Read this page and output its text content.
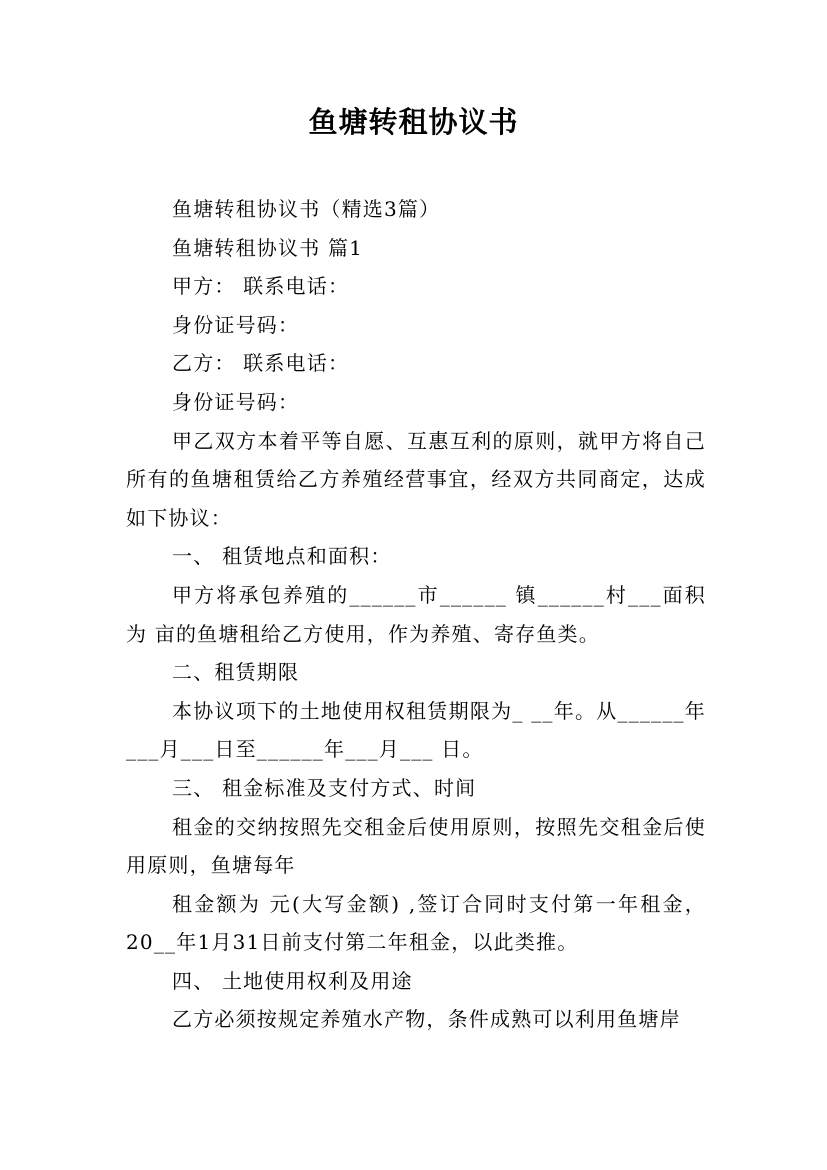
鱼塘转租协议书

鱼塘转租协议书（精选3篇）

鱼塘转租协议书 篇1

甲方： 联系电话：

身份证号码：

乙方： 联系电话：

身份证号码：

甲乙双方本着平等自愿、互惠互利的原则，就甲方将自己所有的鱼塘租赁给乙方养殖经营事宜，经双方共同商定，达成如下协议：

一、 租赁地点和面积：

甲方将承包养殖的______市______ 镇______村___面积为 亩的鱼塘租给乙方使用，作为养殖、寄存鱼类。

二、租赁期限

本协议项下的土地使用权租赁期限为_ __年。从______年___月___日至______年___月___ 日。

三、 租金标准及支付方式、时间

租金的交纳按照先交租金后使用原则，按照先交租金后使用原则，鱼塘每年

租金额为 元(大写金额) ,签订合同时支付第一年租金，20__年1月31日前支付第二年租金，以此类推。

四、 土地使用权利及用途

乙方必须按规定养殖水产物，条件成熟可以利用鱼塘岸
